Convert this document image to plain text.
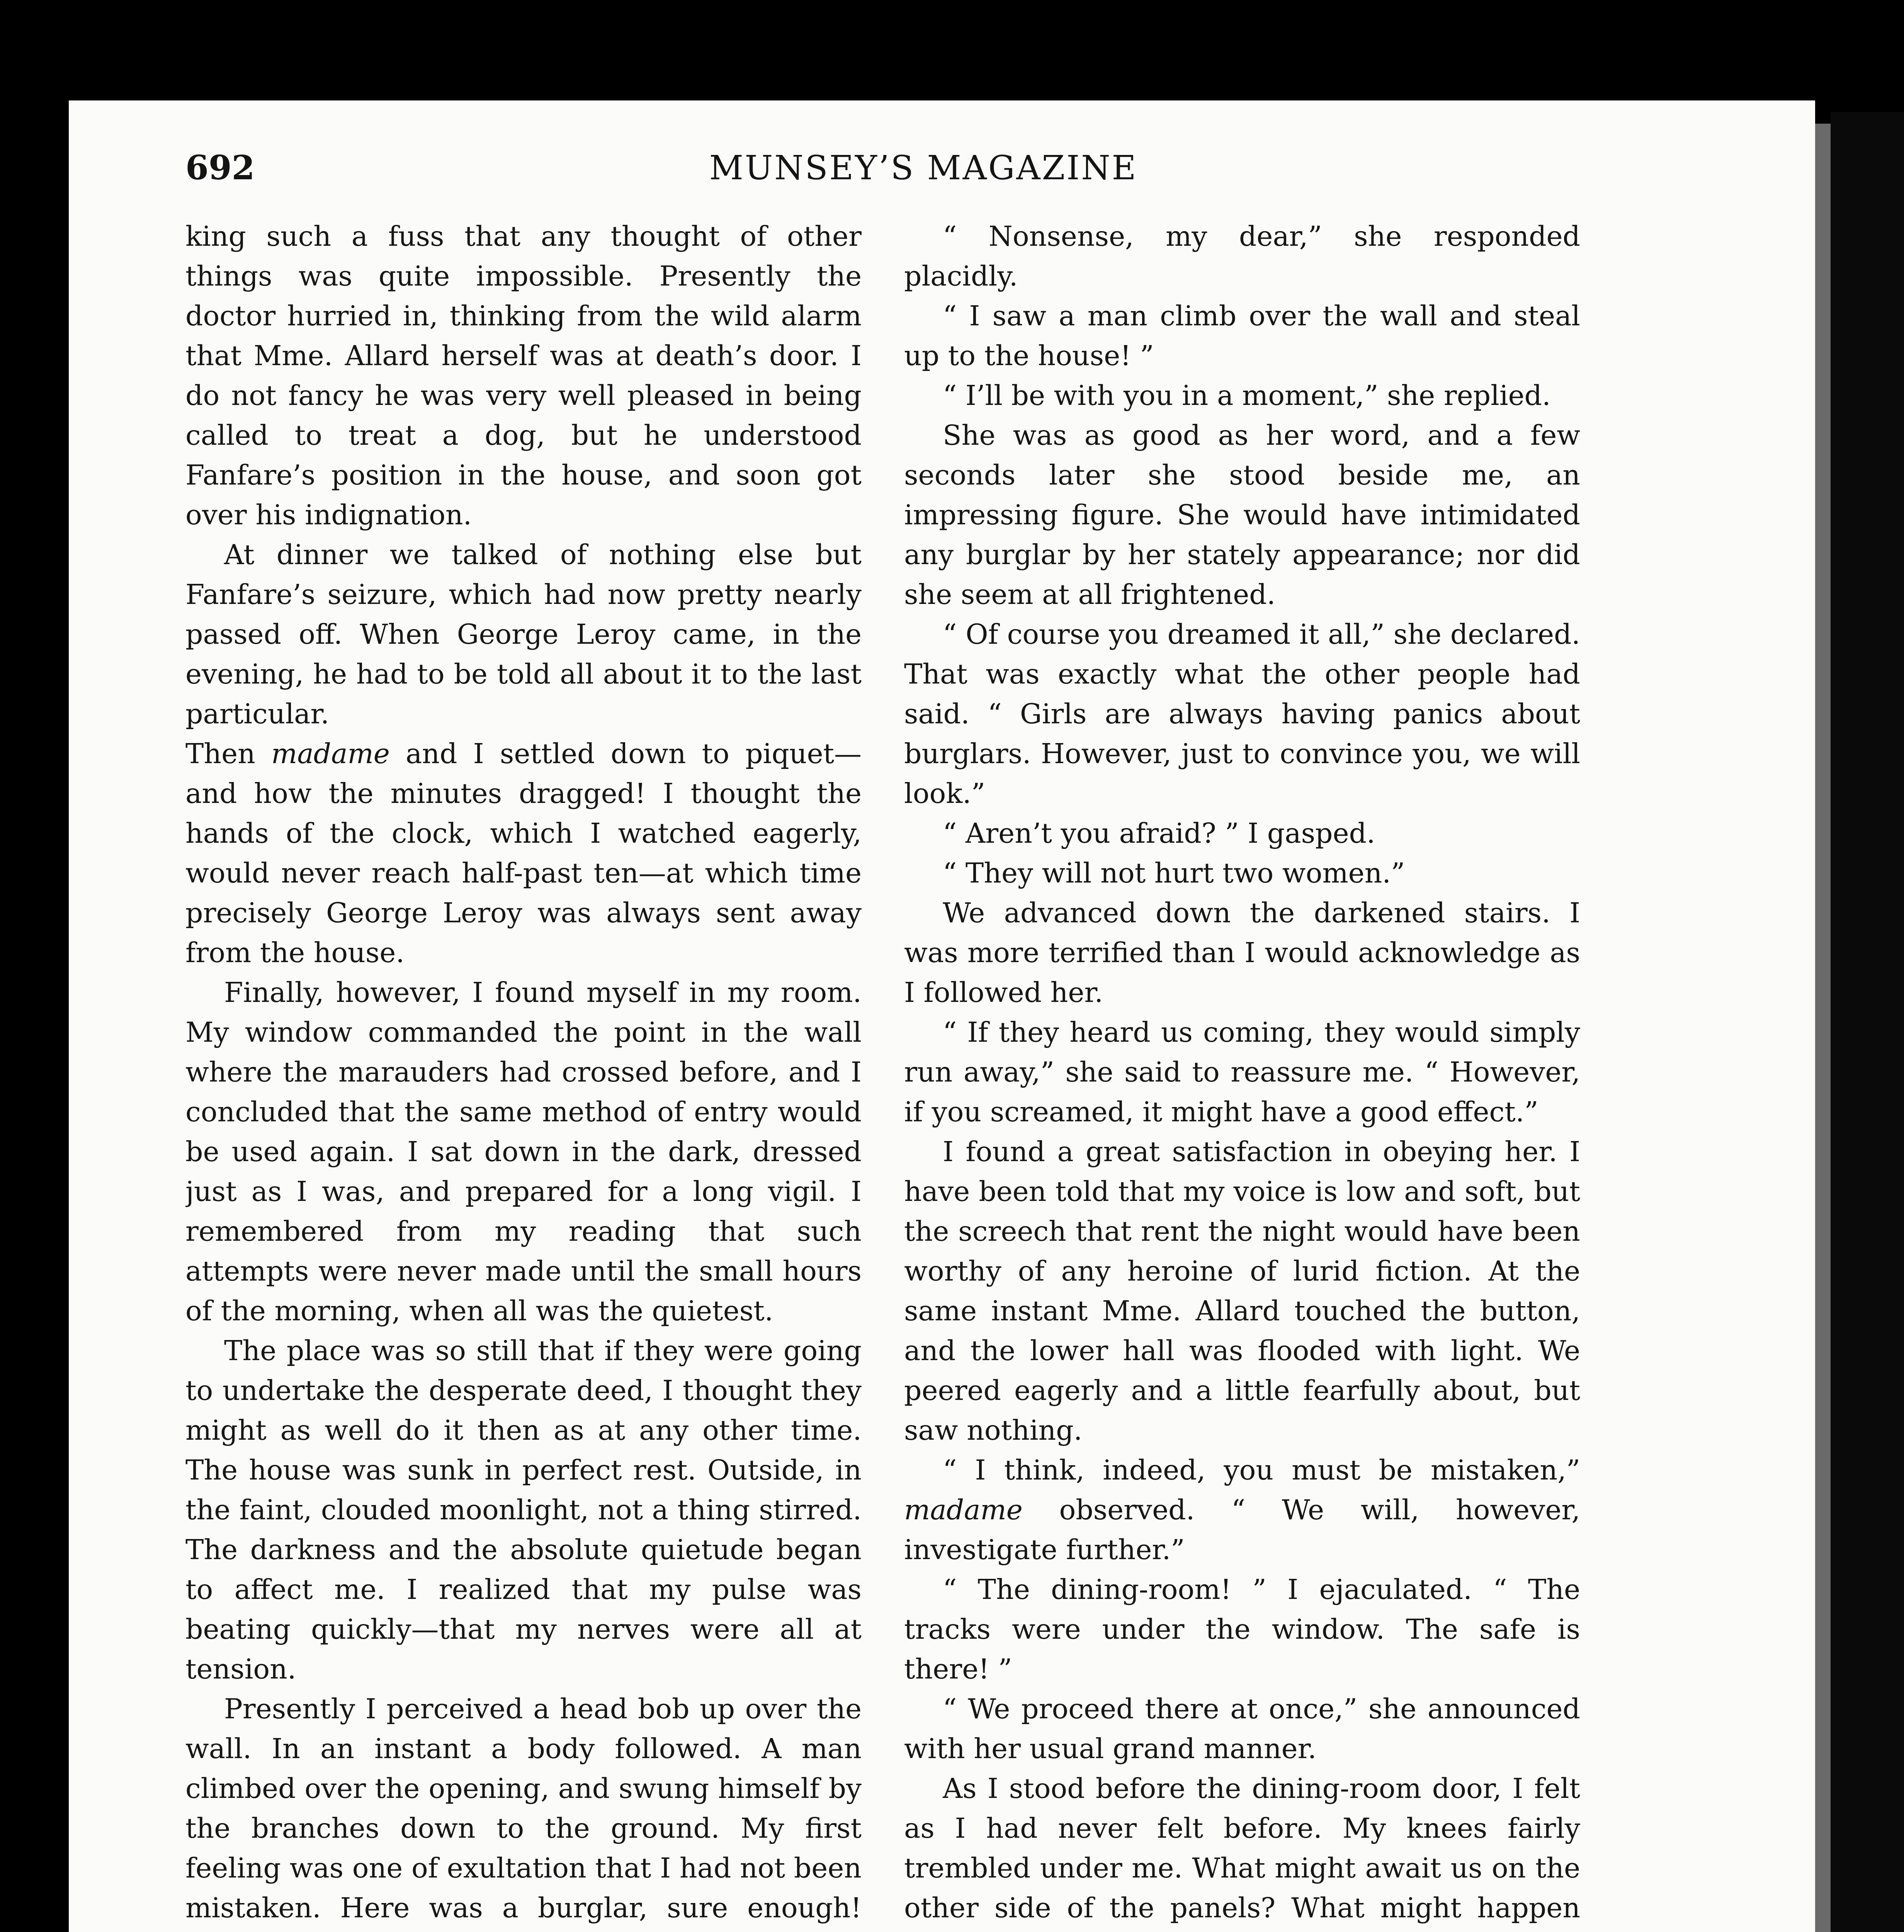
692	MUNSEY’S MAGAZINE

king such a fuss that any thought of other things was quite impossible. Presently the doctor hurried in, thinking from the wild alarm that Mme. Allard herself was at death’s door. I do not fancy he was very well pleased in being called to treat a dog, but he understood Fanfare’s position in the house, and soon got over his indignation.

At dinner we talked of nothing else but Fanfare’s seizure, which had now pretty nearly passed off. When George Leroy came, in the evening, he had to be told all about it to the last particular.

Then madame and I settled down to piquet—and how the minutes dragged! I thought the hands of the clock, which I watched eagerly, would never reach half-past ten—at which time precisely George Leroy was always sent away from the house.

Finally, however, I found myself in my room. My window commanded the point in the wall where the marauders had crossed before, and I concluded that the same method of entry would be used again. I sat down in the dark, dressed just as I was, and prepared for a long vigil. I remembered from my reading that such attempts were never made until the small hours of the morning, when all was the quietest.

The place was so still that if they were going to undertake the desperate deed, I thought they might as well do it then as at any other time. The house was sunk in perfect rest. Outside, in the faint, clouded moonlight, not a thing stirred. The darkness and the absolute quietude began to affect me. I realized that my pulse was beating quickly—that my nerves were all at tension.

Presently I perceived a head bob up over the wall. In an instant a body followed. A man climbed over the opening, and swung himself by the branches down to the ground. My first feeling was one of exultation that I had not been mistaken. Here was a burglar, sure enough!

“ Nonsense, my dear,” she responded placidly.

“ I saw a man climb over the wall and steal up to the house! ”

“ I’ll be with you in a moment,” she replied.

She was as good as her word, and a few seconds later she stood beside me, an impressing figure. She would have intimidated any burglar by her stately appearance; nor did she seem at all frightened.

“ Of course you dreamed it all,” she declared. That was exactly what the other people had said. “ Girls are always having panics about burglars. However, just to convince you, we will look.”

“ Aren’t you afraid? ” I gasped.

“ They will not hurt two women.”

We advanced down the darkened stairs. I was more terrified than I would acknowledge as I followed her.

“ If they heard us coming, they would simply run away,” she said to reassure me. “ However, if you screamed, it might have a good effect.”

I found a great satisfaction in obeying her. I have been told that my voice is low and soft, but the screech that rent the night would have been worthy of any heroine of lurid fiction. At the same instant Mme. Allard touched the button, and the lower hall was flooded with light. We peered eagerly and a little fearfully about, but saw nothing.

“ I think, indeed, you must be mistaken,” madame observed. “ We will, however, investigate further.”

“ The dining-room! ” I ejaculated. “ The tracks were under the window. The safe is there! ”

“ We proceed there at once,” she announced with her usual grand manner.

As I stood before the dining-room door, I felt as I had never felt before. My knees fairly trembled under me. What might await us on the other side of the panels? What might happen
